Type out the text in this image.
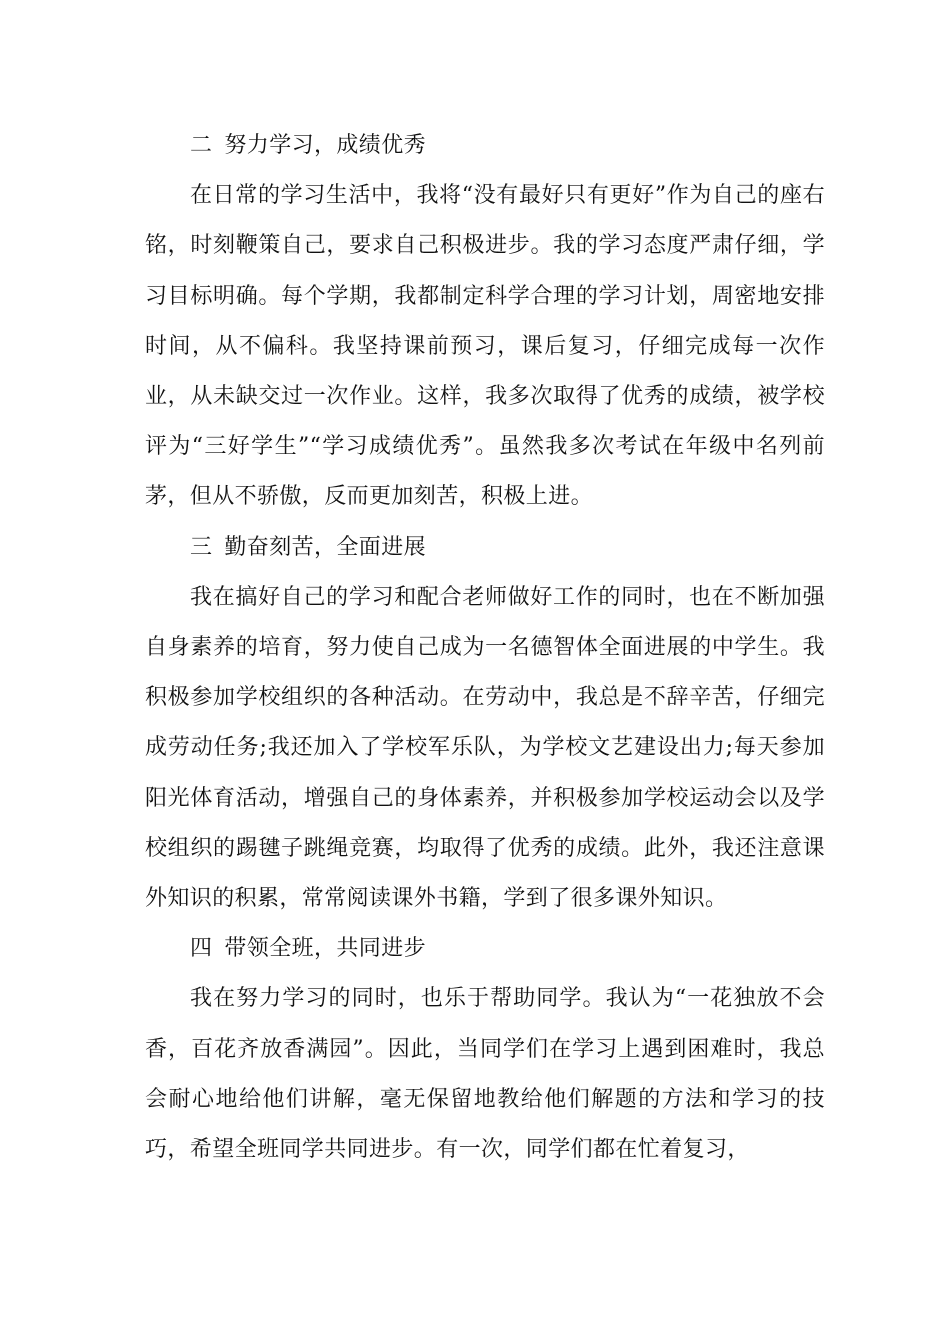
二 努力学习，成绩优秀

在日常的学习生活中，我将“没有最好只有更好”作为自己的座右铭，时刻鞭策自己，要求自己积极进步。我的学习态度严肃仔细，学习目标明确。每个学期，我都制定科学合理的学习计划，周密地安排时间，从不偏科。我坚持课前预习，课后复习，仔细完成每一次作业，从未缺交过一次作业。这样，我多次取得了优秀的成绩，被学校评为“三好学生”“学习成绩优秀”。虽然我多次考试在年级中名列前茅，但从不骄傲，反而更加刻苦，积极上进。

三 勤奋刻苦，全面进展

我在搞好自己的学习和配合老师做好工作的同时，也在不断加强自身素养的培育，努力使自己成为一名德智体全面进展的中学生。我积极参加学校组织的各种活动。在劳动中，我总是不辞辛苦，仔细完成劳动任务;我还加入了学校军乐队，为学校文艺建设出力;每天参加阳光体育活动，增强自己的身体素养，并积极参加学校运动会以及学校组织的踢毽子跳绳竞赛，均取得了优秀的成绩。此外，我还注意课外知识的积累，常常阅读课外书籍，学到了很多课外知识。

四 带领全班，共同进步

我在努力学习的同时，也乐于帮助同学。我认为“一花独放不会香，百花齐放香满园”。因此，当同学们在学习上遇到困难时，我总会耐心地给他们讲解，毫无保留地教给他们解题的方法和学习的技巧，希望全班同学共同进步。有一次，同学们都在忙着复习，
